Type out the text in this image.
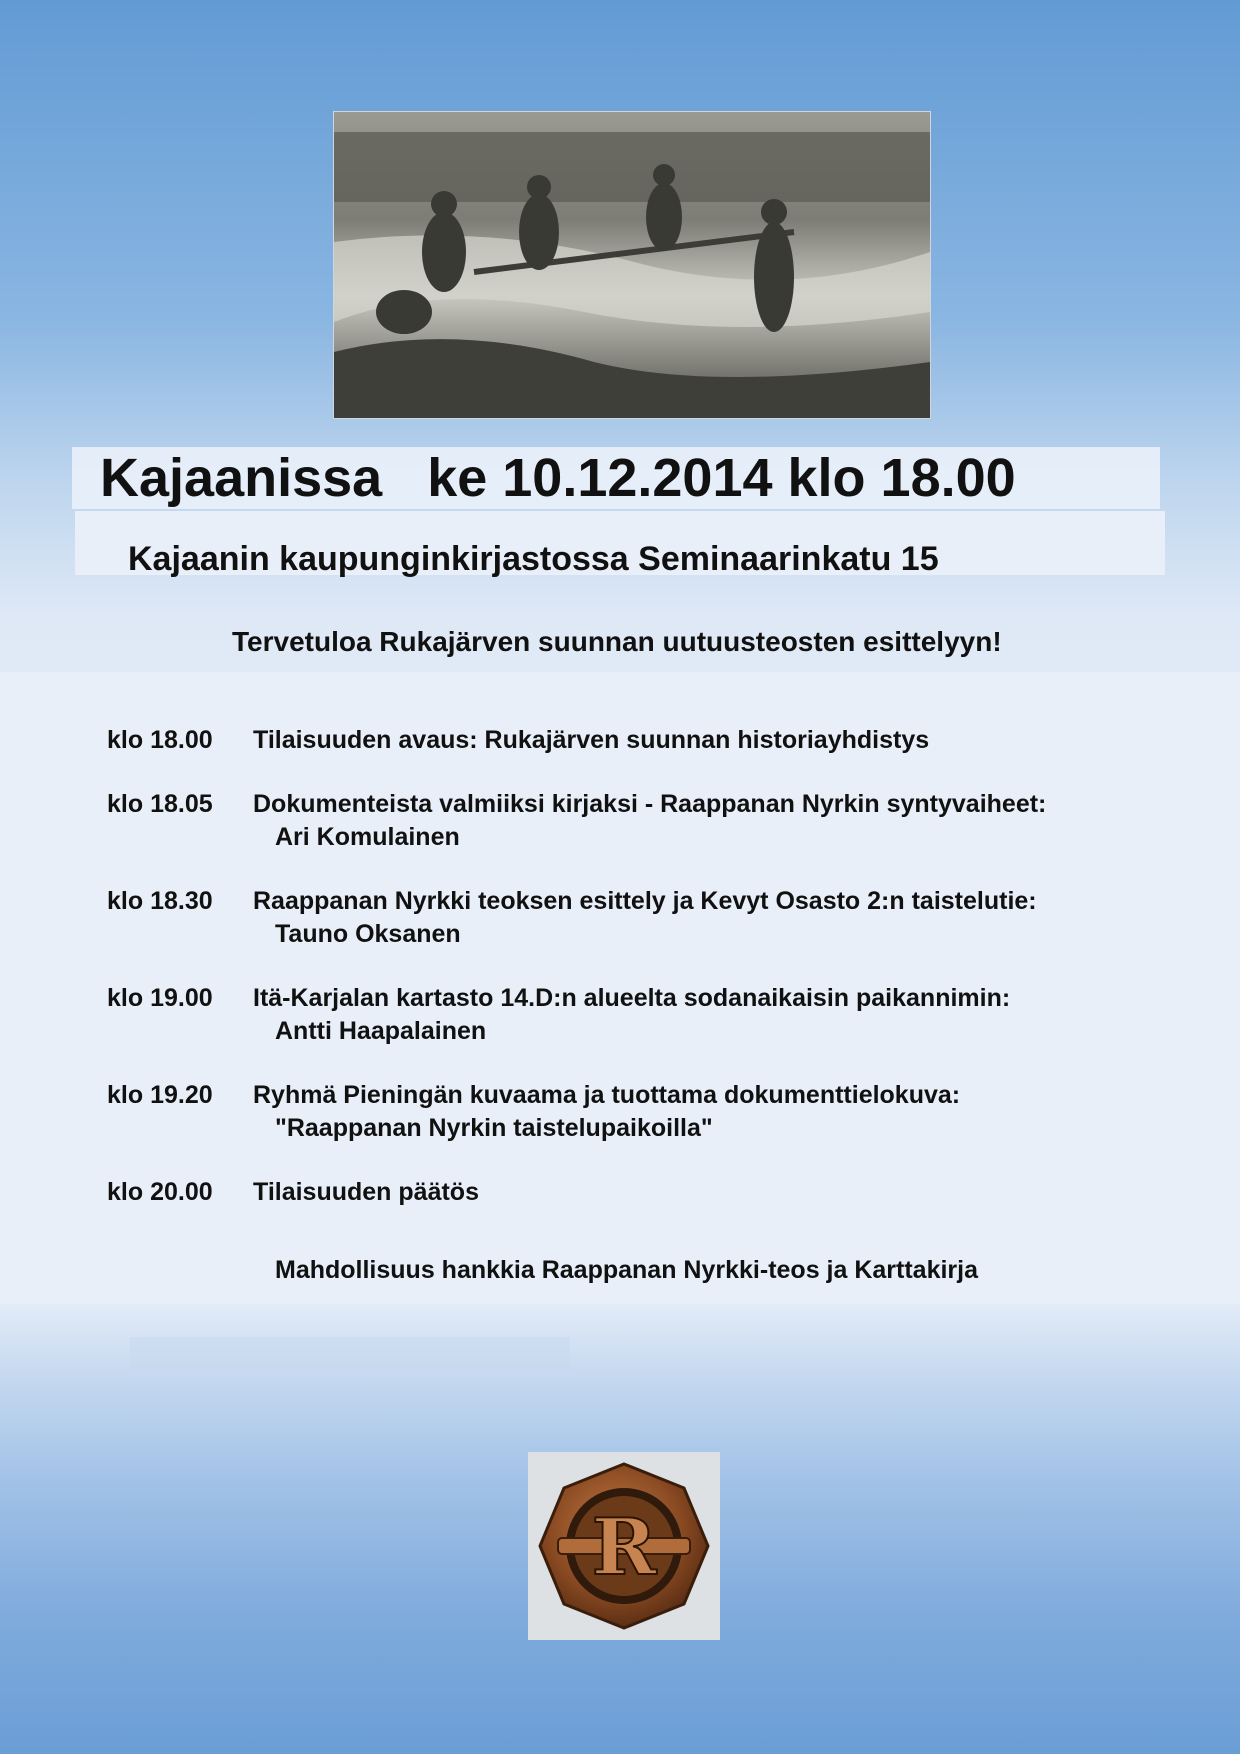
Kajaanissa   ke 10.12.2014 klo 18.00
Kajaanin kaupunginkirjastossa Seminaarinkatu 15
Tervetuloa Rukajärven suunnan uutuusteosten esittelyyn!
klo 18.00	Tilaisuuden avaus: Rukajärven suunnan historiayhdistys
klo 18.05	Dokumenteista valmiiksi kirjaksi - Raappanan Nyrkin syntyvaiheet:
Ari Komulainen
klo 18.30	Raappanan Nyrkki teoksen esittely ja Kevyt Osasto 2:n taistelutie:
Tauno Oksanen
klo 19.00	Itä-Karjalan kartasto 14.D:n alueelta sodanaikaisin paikannimin:
Antti Haapalainen
klo 19.20	Ryhmä Pieningän kuvaama ja tuottama dokumenttielokuva:
"Raappanan Nyrkin taistelupaikoilla"
klo 20.00	Tilaisuuden päätös
Mahdollisuus hankkia Raappanan Nyrkki-teos ja Karttakirja
R
